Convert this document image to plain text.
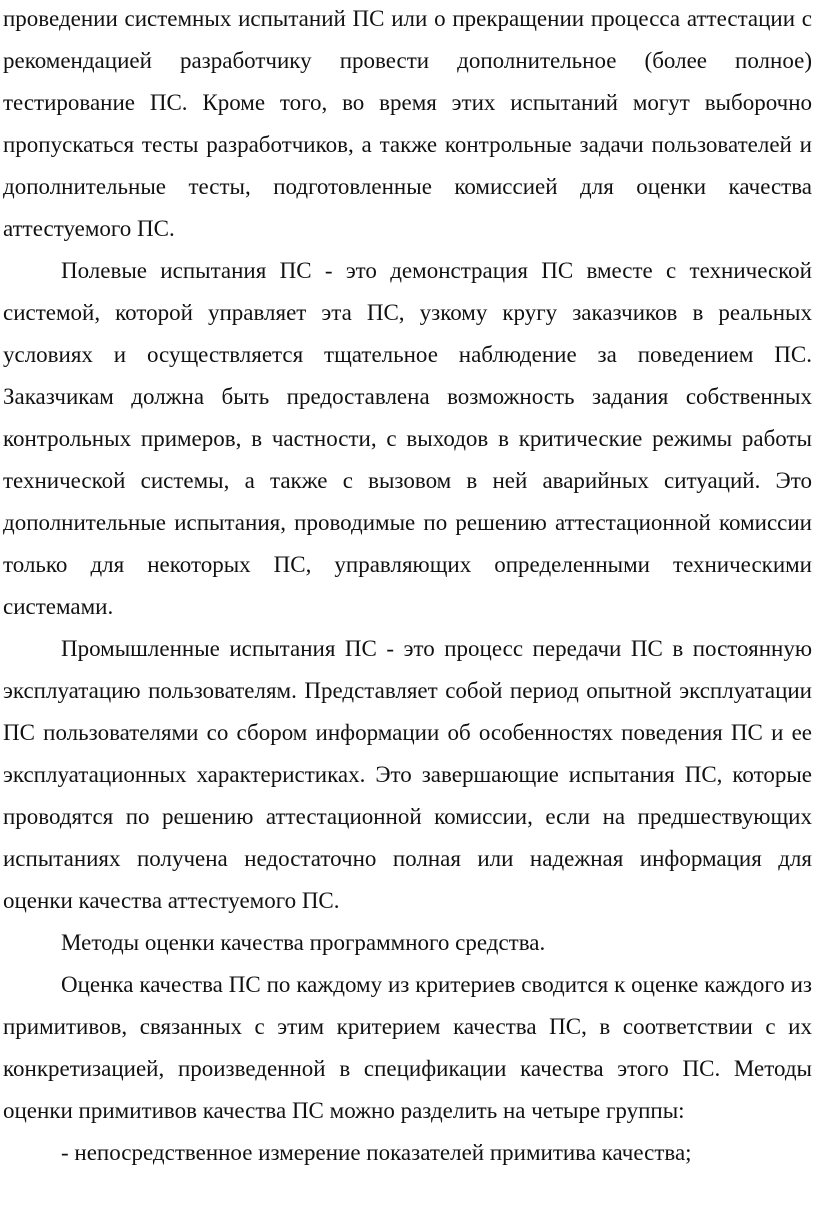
проведении системных испытаний ПС или о прекращении процесса аттестации с рекомендацией разработчику провести дополнительное (более полное) тестирование ПС. Кроме того, во время этих испытаний могут выборочно пропускаться тесты разработчиков, а также контрольные задачи пользователей и дополнительные тесты, подготовленные комиссией для оценки качества аттестуемого ПС.

Полевые испытания ПС - это демонстрация ПС вместе с технической системой, которой управляет эта ПС, узкому кругу заказчиков в реальных условиях и осуществляется тщательное наблюдение за поведением ПС. Заказчикам должна быть предоставлена возможность задания собственных контрольных примеров, в частности, с выходов в критические режимы работы технической системы, а также с вызовом в ней аварийных ситуаций. Это дополнительные испытания, проводимые по решению аттестационной комиссии только для некоторых ПС, управляющих определенными техническими системами.

Промышленные испытания ПС - это процесс передачи ПС в постоянную эксплуатацию пользователям. Представляет собой период опытной эксплуатации ПС пользователями со сбором информации об особенностях поведения ПС и ее эксплуатационных характеристиках. Это завершающие испытания ПС, которые проводятся по решению аттестационной комиссии, если на предшествующих испытаниях получена недостаточно полная или надежная информация для оценки качества аттестуемого ПС.

Методы оценки качества программного средства.

Оценка качества ПС по каждому из критериев сводится к оценке каждого из примитивов, связанных с этим критерием качества ПС, в соответствии с их конкретизацией, произведенной в спецификации качества этого ПС. Методы оценки примитивов качества ПС можно разделить на четыре группы:

- непосредственное измерение показателей примитива качества;
